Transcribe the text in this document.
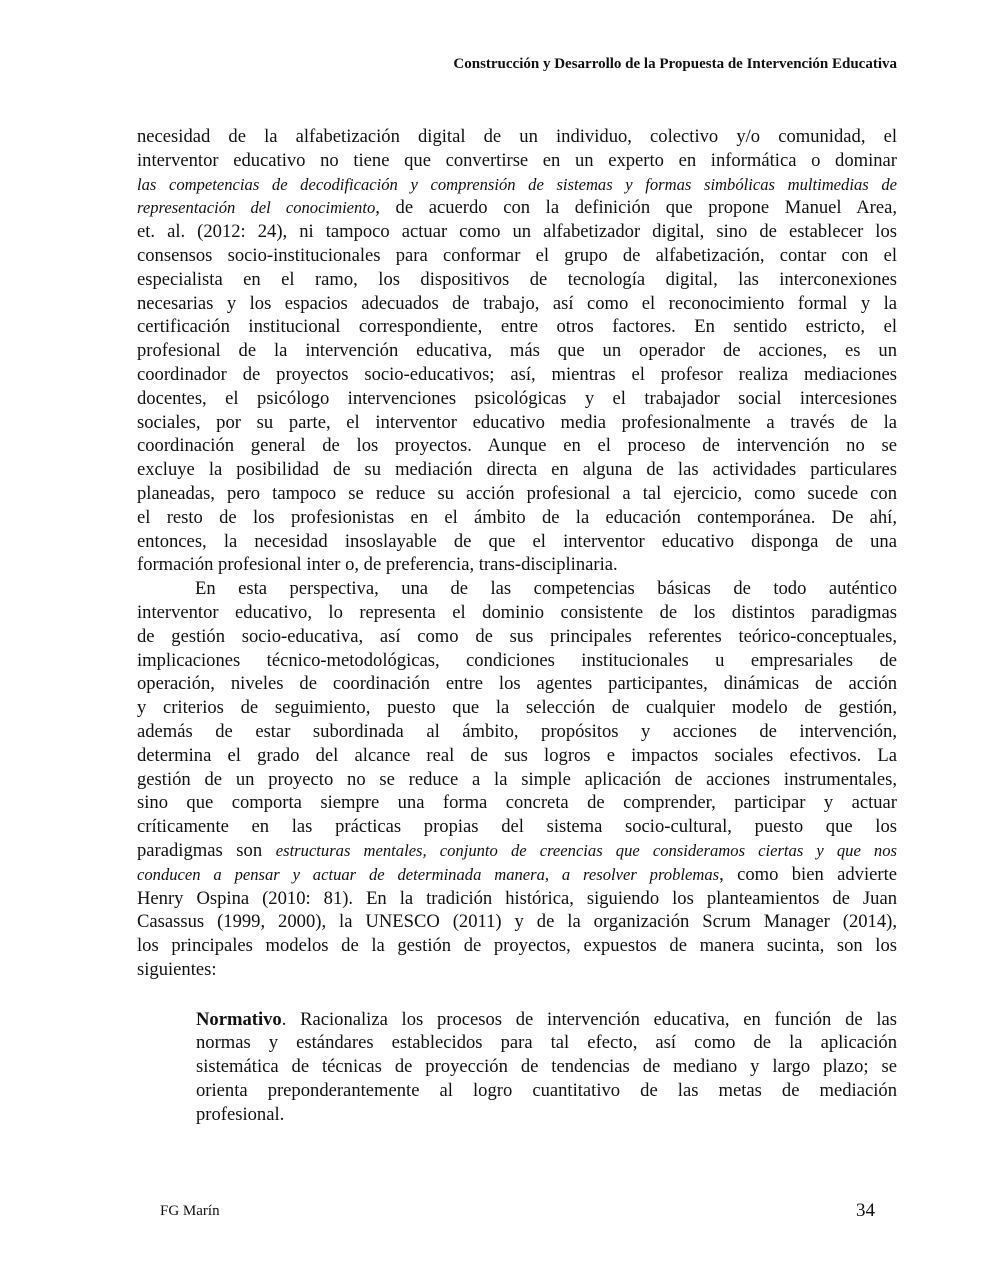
Construcción y Desarrollo de la Propuesta de Intervención Educativa
necesidad de la alfabetización digital de un individuo, colectivo y/o comunidad, el
interventor educativo no tiene que convertirse en un experto en informática o dominar
las competencias de decodificación y comprensión de sistemas y formas simbólicas multimedias de
representación del conocimiento, de acuerdo con la definición que propone Manuel Area,
et. al. (2012: 24), ni tampoco actuar como un alfabetizador digital, sino de establecer los
consensos socio-institucionales para conformar el grupo de alfabetización, contar con el
especialista en el ramo, los dispositivos de tecnología digital, las interconexiones
necesarias y los espacios adecuados de trabajo, así como el reconocimiento formal y la
certificación institucional correspondiente, entre otros factores. En sentido estricto, el
profesional de la intervención educativa, más que un operador de acciones, es un
coordinador de proyectos socio-educativos; así, mientras el profesor realiza mediaciones
docentes, el psicólogo intervenciones psicológicas y el trabajador social intercesiones
sociales, por su parte, el interventor educativo media profesionalmente a través de la
coordinación general de los proyectos. Aunque en el proceso de intervención no se
excluye la posibilidad de su mediación directa en alguna de las actividades particulares
planeadas, pero tampoco se reduce su acción profesional a tal ejercicio, como sucede con
el resto de los profesionistas en el ámbito de la educación contemporánea. De ahí,
entonces, la necesidad insoslayable de que el interventor educativo disponga de una
formación profesional inter o, de preferencia, trans-disciplinaria.
En esta perspectiva, una de las competencias básicas de todo auténtico
interventor educativo, lo representa el dominio consistente de los distintos paradigmas
de gestión socio-educativa, así como de sus principales referentes teórico-conceptuales,
implicaciones técnico-metodológicas, condiciones institucionales u empresariales de
operación, niveles de coordinación entre los agentes participantes, dinámicas de acción
y criterios de seguimiento, puesto que la selección de cualquier modelo de gestión,
además de estar subordinada al ámbito, propósitos y acciones de intervención,
determina el grado del alcance real de sus logros e impactos sociales efectivos. La
gestión de un proyecto no se reduce a la simple aplicación de acciones instrumentales,
sino que comporta siempre una forma concreta de comprender, participar y actuar
críticamente en las prácticas propias del sistema socio-cultural, puesto que los
paradigmas son estructuras mentales, conjunto de creencias que consideramos ciertas y que nos
conducen a pensar y actuar de determinada manera, a resolver problemas, como bien advierte
Henry Ospina (2010: 81). En la tradición histórica, siguiendo los planteamientos de Juan
Casassus (1999, 2000), la UNESCO (2011) y de la organización Scrum Manager (2014),
los principales modelos de la gestión de proyectos, expuestos de manera sucinta, son los
siguientes:
Normativo. Racionaliza los procesos de intervención educativa, en función de las
normas y estándares establecidos para tal efecto, así como de la aplicación
sistemática de técnicas de proyección de tendencias de mediano y largo plazo; se
orienta preponderantemente al logro cuantitativo de las metas de mediación
profesional.
FG Marín	34
